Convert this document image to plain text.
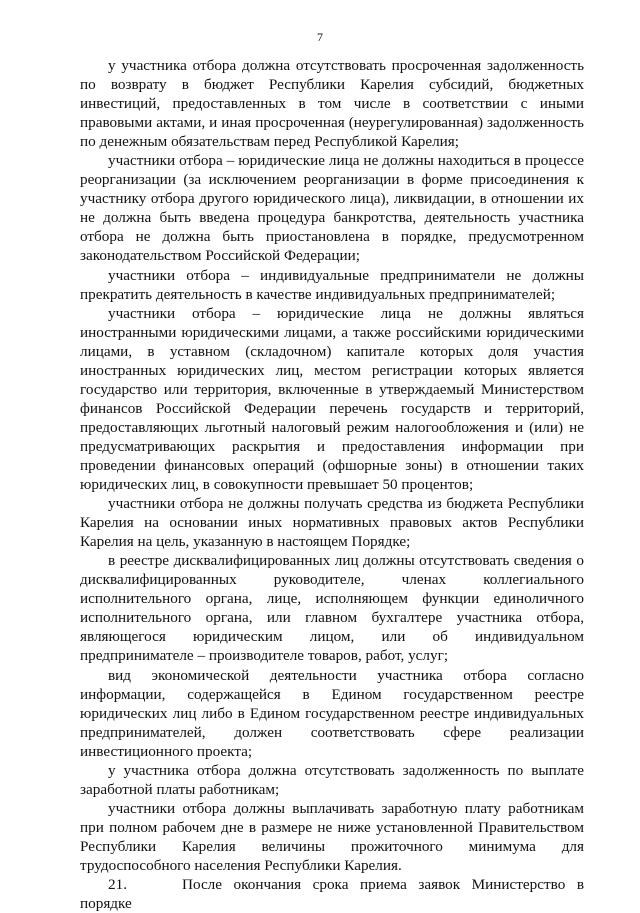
7

у участника отбора должна отсутствовать просроченная задолженность по возврату в бюджет Республики Карелия субсидий, бюджетных инвестиций, предоставленных в том числе в соответствии с иными правовыми актами, и иная просроченная (неурегулированная) задолженность по денежным обязательствам перед Республикой Карелия;

участники отбора – юридические лица не должны находиться в процессе реорганизации (за исключением реорганизации в форме присоединения к участнику отбора другого юридического лица), ликвидации, в отношении их не должна быть введена процедура банкротства, деятельность участника отбора не должна быть приостановлена в порядке, предусмотренном законодательством Российской Федерации;

участники отбора – индивидуальные предприниматели не должны прекратить деятельность в качестве индивидуальных предпринимателей;

участники отбора – юридические лица не должны являться иностранными юридическими лицами, а также российскими юридическими лицами, в уставном (складочном) капитале которых доля участия иностранных юридических лиц, местом регистрации которых является государство или территория, включенные в утверждаемый Министерством финансов Российской Федерации перечень государств и территорий, предоставляющих льготный налоговый режим налогообложения и (или) не предусматривающих раскрытия и предоставления информации при проведении финансовых операций (офшорные зоны) в отношении таких юридических лиц, в совокупности превышает 50 процентов;

участники отбора не должны получать средства из бюджета Республики Карелия на основании иных нормативных правовых актов Республики Карелия на цель, указанную в настоящем Порядке;

в реестре дисквалифицированных лиц должны отсутствовать сведения о дисквалифицированных руководителе, членах коллегиального исполнительного органа, лице, исполняющем функции единоличного исполнительного органа, или главном бухгалтере участника отбора, являющегося юридическим лицом, или об индивидуальном предпринимателе – производителе товаров, работ, услуг;

вид экономической деятельности участника отбора согласно информации, содержащейся в Едином государственном реестре юридических лиц либо в Едином государственном реестре индивидуальных предпринимателей, должен соответствовать сфере реализации инвестиционного проекта;

у участника отбора должна отсутствовать задолженность по выплате заработной платы работникам;

участники отбора должны выплачивать заработную плату работникам при полном рабочем дне в размере не ниже установленной Правительством Республики Карелия величины прожиточного минимума для трудоспособного населения Республики Карелия.

21.	После окончания срока приема заявок Министерство в порядке
